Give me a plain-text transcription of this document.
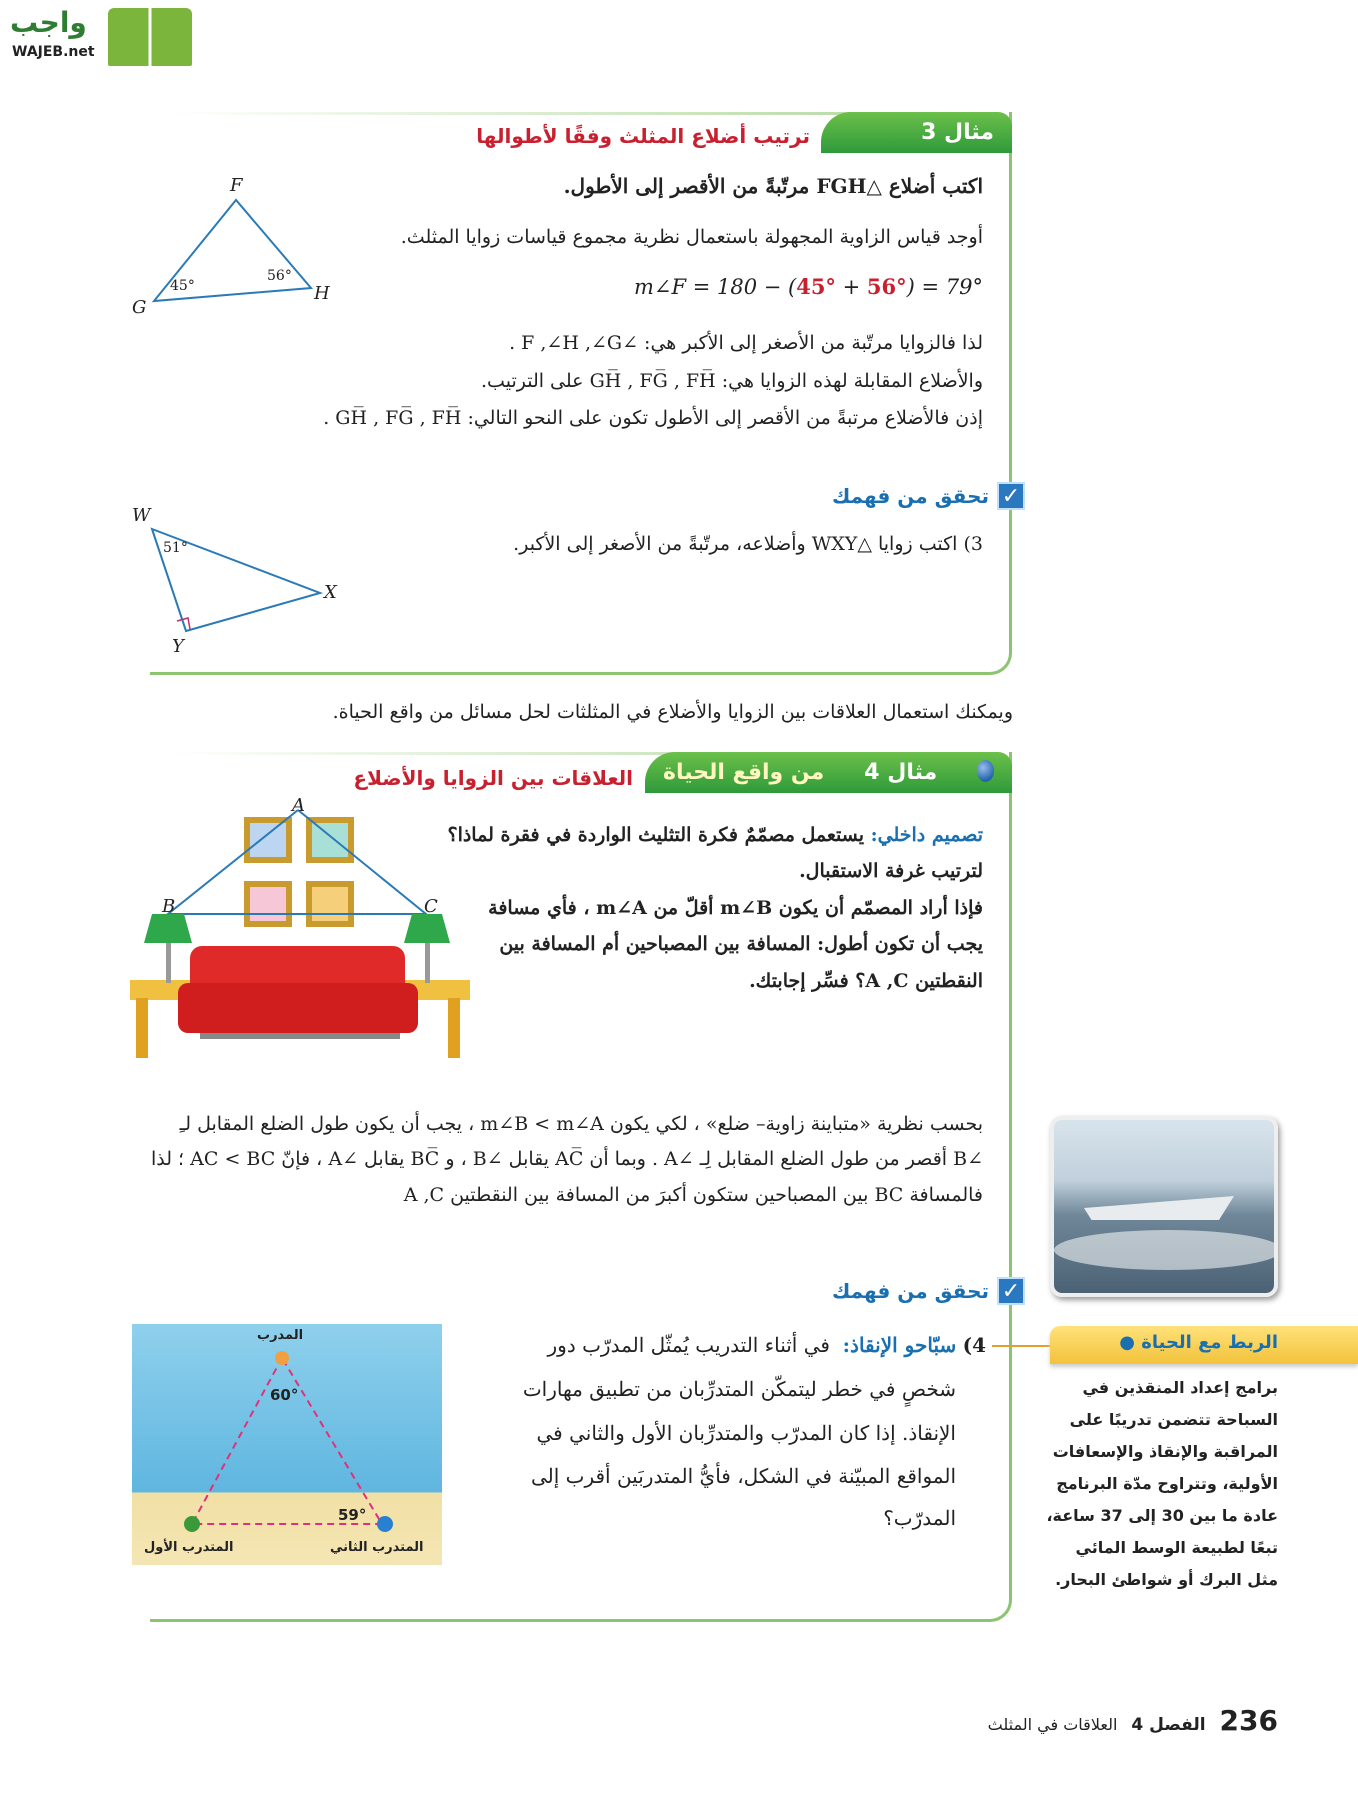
واجب
WAJEB.net
مثال 3
ترتيب أضلاع المثلث وفقًا لأطوالها
F
G
H
45°
56°
اكتب أضلاع △FGH مرتّبةً من الأقصر إلى الأطول.
أوجد قياس الزاوية المجهولة باستعمال نظرية مجموع قياسات زوايا المثلث.
m∠F = 180 − (45° + 56°) = 79°
لذا فالزوايا مرتّبة من الأصغر إلى الأكبر هي: ∠F ,∠H ,∠G .
والأضلاع المقابلة لهذه الزوايا هي: GH̅ , FG̅ , FH̅ على الترتيب.
إذن فالأضلاع مرتبةً من الأقصر إلى الأطول تكون على النحو التالي: GH̅ , FG̅ , FH̅ .
✓
تحقق من فهمك
W
X
Y
51°	3) اكتب زوايا △WXY وأضلاعه، مرتّبةً من الأصغر إلى الأكبر.
ويمكنك استعمال العلاقات بين الزوايا والأضلاع في المثلثات لحل مسائل من واقع الحياة.
مثال 4
من واقع الحياة
العلاقات بين الزوايا والأضلاع
A
B	C
تصميم داخلي: يستعمل مصمّمٌ فكرة التثليث الواردة في فقرة لماذا؟
لترتيب غرفة الاستقبال.
فإذا أراد المصمّم أن يكون m∠B أقلّ من m∠A ، فأي مسافة
يجب أن تكون أطول: المسافة بين المصباحين أم المسافة بين
النقطتين A ,C؟ فسِّر إجابتك.
بحسب نظرية «متباينة زاوية– ضلع» ، لكي يكون m∠B < m∠A ، يجب أن يكون طول الضلع المقابل لـِ
∠B أقصر من طول الضلع المقابل لِـ ∠A . وبما أن AC̅ يقابل ∠B ، و BC̅ يقابل ∠A ، فإنّ AC < BC ؛ لذا
فالمسافة BC بين المصباحين ستكون أكبرَ من المسافة بين النقطتين A ,C
✓
تحقق من فهمك
المدرب
60°
59°
المتدرب الأول	المتدرب الثاني
4) سبّاحو الإنقاذ:  في أثناء التدريب يُمثّل المدرّب دور
شخصٍ في خطر ليتمكّن المتدرِّبان من تطبيق مهارات
الإنقاذ. إذا كان المدرّب والمتدرِّبان الأول والثاني في
المواقع المبيّنة في الشكل، فأيُّ المتدربَين أقرب إلى
المدرّب؟
الربط مع الحياة ●
برامج إعداد المنقذين في
السباحة تتضمن تدريبًا على
المراقبة والإنقاذ والإسعافات
الأولية، وتتراوح مدّة البرنامج
عادة ما بين 30 إلى 37 ساعة،
تبعًا لطبيعة الوسط المائي
مثل البرك أو شواطئ البحار.
236
الفصل 4
العلاقات في المثلث
